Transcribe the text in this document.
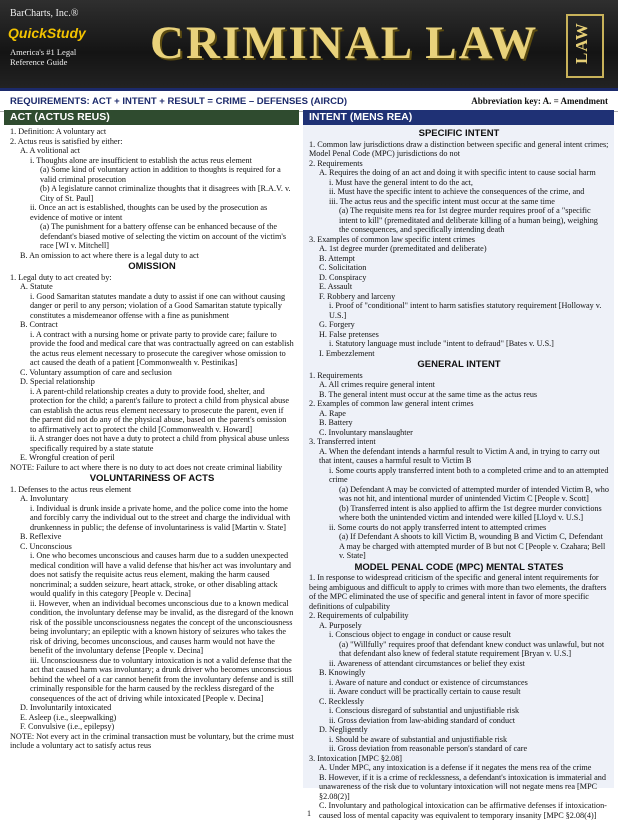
BarCharts, Inc.®
QuickStudy
America's #1 Legal Reference Guide	CRIMINAL LAW LAW
REQUIREMENTS: ACT + INTENT + RESULT = CRIME – DEFENSES (AIRCD)	Abbreviation key: A. = Amendment
ACT (ACTUS REUS)

1. Definition: A voluntary act

2. Actus reus is satisfied by either:

A. A volitional act

i. Thoughts alone are insufficient to establish the actus reus element

(a) Some kind of voluntary action in addition to thoughts is required for a valid criminal prosecution

(b) A legislature cannot criminalize thoughts that it disagrees with [R.A.V. v. City of St. Paul]

ii. Once an act is established, thoughts can be used by the prosecution as evidence of motive or intent

(a) The punishment for a battery offense can be enhanced because of the defendant's biased motive of selecting the victim on account of the victim's race [WI v. Mitchell]

B. An omission to act where there is a legal duty to act

OMISSION

1. Legal duty to act created by:

A. Statute

i. Good Samaritan statutes mandate a duty to assist if one can without causing danger or peril to any person; violation of a Good Samaritan statute typically constitutes a misdemeanor offense with a fine as punishment

B. Contract

i. A contract with a nursing home or private party to provide care; failure to provide the food and medical care that was contractually agreed on can establish the actus reus element necessary to prosecute the caregiver whose omission to act caused the death of a patient [Commonwealth v. Pestinikas]

C. Voluntary assumption of care and seclusion

D. Special relationship

i. A parent-child relationship creates a duty to provide food, shelter, and protection for the child; a parent's failure to protect a child from physical abuse can establish the actus reus element necessary to prosecute the parent, even if the parent did not do any of the physical abuse, based on the parent's omission to affirmatively act to protect the child [Commonwealth v. Howard]

ii. A stranger does not have a duty to protect a child from physical abuse unless specifically required by a state statute

E. Wrongful creation of peril

NOTE: Failure to act where there is no duty to act does not create criminal liability

VOLUNTARINESS OF ACTS

1. Defenses to the actus reus element

A. Involuntary

i. Individual is drunk inside a private home, and the police come into the home and forcibly carry the individual out to the street and charge the individual with drunkenness in public; the defense of involuntariness is valid [Martin v. State]

B. Reflexive

C. Unconscious

i. One who becomes unconscious and causes harm due to a sudden unexpected medical condition will have a valid defense that his/her act was involuntary and does not satisfy the requisite actus reus element, making the harm caused noncriminal; a sudden seizure, heart attack, stroke, or other disabling attack would qualify in this category [People v. Decina]

ii. However, when an individual becomes unconscious due to a known medical condition, the involuntary defense may be invalid, as the disregard of the known risk of the possible unconsciousness negates the concept of the unconsciousness being involuntary; an epileptic with a known history of seizures who takes the risk of driving, becomes unconscious, and causes harm would not have the benefit of the involuntary defense [People v. Decina]

iii. Unconsciousness due to voluntary intoxication is not a valid defense that the act that caused harm was involuntary; a drunk driver who becomes unconscious behind the wheel of a car cannot benefit from the involuntary defense and is still criminally responsible for the harm caused by the reckless disregard of the consequences of the act of driving while intoxicated [People v. Decina]

D. Involuntarily intoxicated

E. Asleep (i.e., sleepwalking)

F. Convulsive (i.e., epilepsy)

NOTE: Not every act in the criminal transaction must be voluntary, but the crime must include a voluntary act to satisfy actus reus

INTENT (MENS REA)
SPECIFIC INTENT

1. Common law jurisdictions draw a distinction between specific and general intent crimes; Model Penal Code (MPC) jurisdictions do not

2. Requirements

A. Requires the doing of an act and doing it with specific intent to cause social harm

i. Must have the general intent to do the act,

ii. Must have the specific intent to achieve the consequences of the crime, and

iii. The actus reus and the specific intent must occur at the same time

(a) The requisite mens rea for 1st degree murder requires proof of a "specific intent to kill" (premeditated and deliberate killing of a human being), weighing the consequences, and specifically intending death

3. Examples of common law specific intent crimes

A. 1st degree murder (premeditated and deliberate)

B. Attempt

C. Solicitation

D. Conspiracy

E. Assault

F. Robbery and larceny

i. Proof of "conditional" intent to harm satisfies statutory requirement [Holloway v. U.S.]

G. Forgery

H. False pretenses

i. Statutory language must include "intent to defraud" [Bates v. U.S.]

I. Embezzlement

GENERAL INTENT

1. Requirements

A. All crimes require general intent

B. The general intent must occur at the same time as the actus reus

2. Examples of common law general intent crimes

A. Rape

B. Battery

C. Involuntary manslaughter

3. Transferred intent

A. When the defendant intends a harmful result to Victim A and, in trying to carry out that intent, causes a harmful result to Victim B

i. Some courts apply transferred intent both to a completed crime and to an attempted crime

(a) Defendant A may be convicted of attempted murder of intended Victim B, who was not hit, and intentional murder of unintended Victim C [People v. Scott]

(b) Transferred intent is also applied to affirm the 1st degree murder convictions where both the unintended victim and intended were killed [Lloyd v. U.S.]

ii. Some courts do not apply transferred intent to attempted crimes

(a) If Defendant A shoots to kill Victim B, wounding B and Victim C, Defendant A may be charged with attempted murder of B but not C [People v. Czahara; Bell v. State]

MODEL PENAL CODE (MPC) MENTAL STATES

1. In response to widespread criticism of the specific and general intent requirements for being ambiguous and difficult to apply to crimes with more than two elements, the drafters of the MPC eliminated the use of specific and general intent in favor of more specific definitions of culpability

2. Requirements of culpability

A. Purposely

i. Conscious object to engage in conduct or cause result

(a) "Willfully" requires proof that defendant knew conduct was unlawful, but not that defendant also knew of federal statute requirement [Bryan v. U.S.]

ii. Awareness of attendant circumstances or belief they exist

B. Knowingly

i. Aware of nature and conduct or existence of circumstances

ii. Aware conduct will be practically certain to cause result

C. Recklessly

i. Conscious disregard of substantial and unjustifiable risk

ii. Gross deviation from law-abiding standard of conduct

D. Negligently

i. Should be aware of substantial and unjustifiable risk

ii. Gross deviation from reasonable person's standard of care

3. Intoxication [MPC §2.08]

A. Under MPC, any intoxication is a defense if it negates the mens rea of the crime

B. However, if it is a crime of recklessness, a defendant's intoxication is immaterial and unawareness of the risk due to voluntary intoxication will not negate mens rea [MPC §2.08(2)]

C. Involuntary and pathological intoxication can be affirmative defenses if intoxication-caused loss of mental capacity was equivalent to temporary insanity [MPC §2.08(4)]

1
